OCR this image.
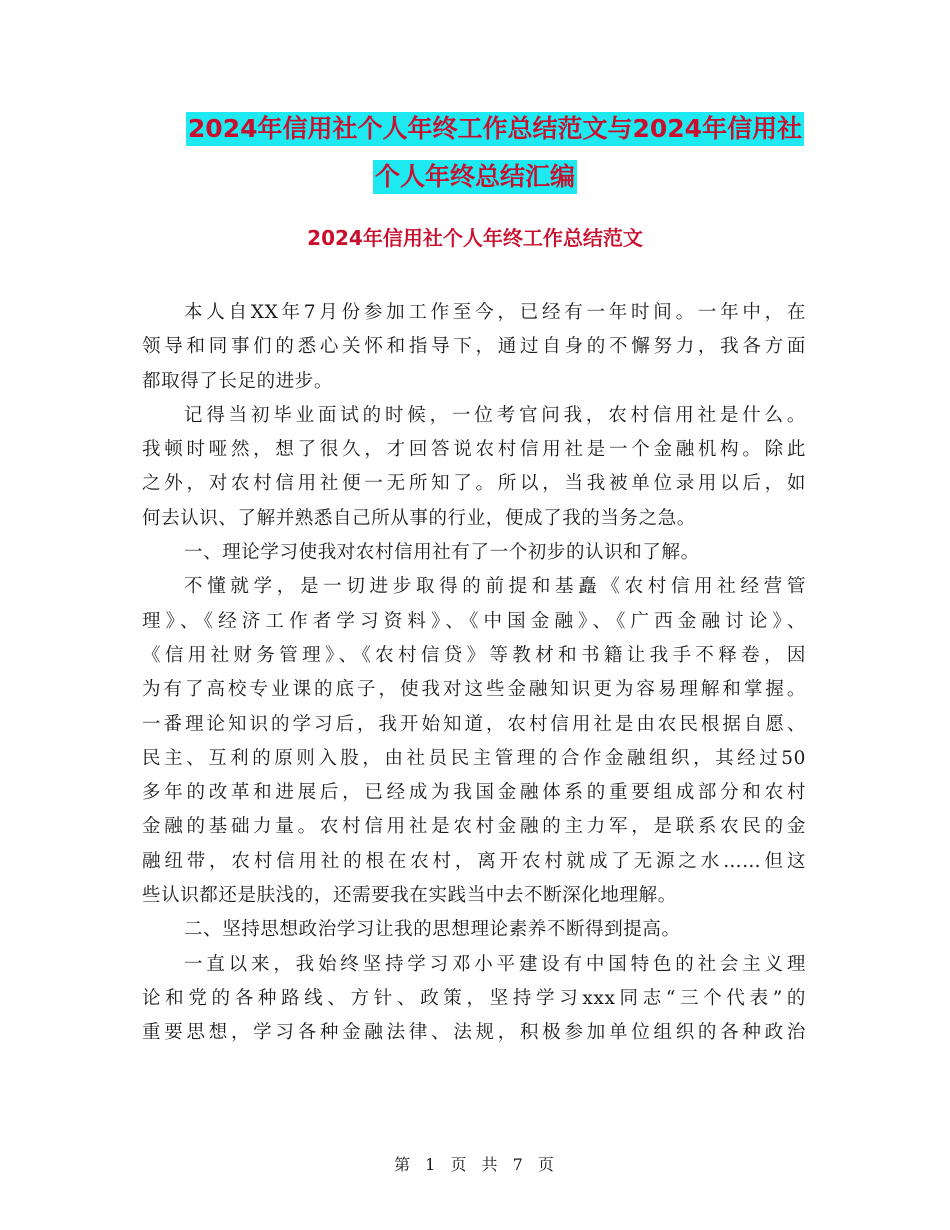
2024年信用社个人年终工作总结范文与2024年信用社
个人年终总结汇编
2024年信用社个人年终工作总结范文
本人自XX年7月份参加工作至今，已经有一年时间。一年中，在
领导和同事们的悉心关怀和指导下，通过自身的不懈努力，我各方面
都取得了长足的进步。
记得当初毕业面试的时候，一位考官问我，农村信用社是什么。
我顿时哑然，想了很久，才回答说农村信用社是一个金融机构。除此
之外，对农村信用社便一无所知了。所以，当我被单位录用以后，如
何去认识、了解并熟悉自己所从事的行业，便成了我的当务之急。
一、理论学习使我对农村信用社有了一个初步的认识和了解。
不懂就学，是一切进步取得的前提和基矗《农村信用社经营管
理》、《经济工作者学习资料》、《中国金融》、《广西金融讨论》、
《信用社财务管理》、《农村信贷》等教材和书籍让我手不释卷，因
为有了高校专业课的底子，使我对这些金融知识更为容易理解和掌握。
一番理论知识的学习后，我开始知道，农村信用社是由农民根据自愿、
民主、互利的原则入股，由社员民主管理的合作金融组织，其经过50
多年的改革和进展后，已经成为我国金融体系的重要组成部分和农村
金融的基础力量。农村信用社是农村金融的主力军，是联系农民的金
融纽带，农村信用社的根在农村，离开农村就成了无源之水……但这
些认识都还是肤浅的，还需要我在实践当中去不断深化地理解。
二、坚持思想政治学习让我的思想理论素养不断得到提高。
一直以来，我始终坚持学习邓小平建设有中国特色的社会主义理
论和党的各种路线、方针、政策，坚持学习xxx同志“三个代表”的
重要思想，学习各种金融法律、法规，积极参加单位组织的各种政治
第 1 页 共 7 页
